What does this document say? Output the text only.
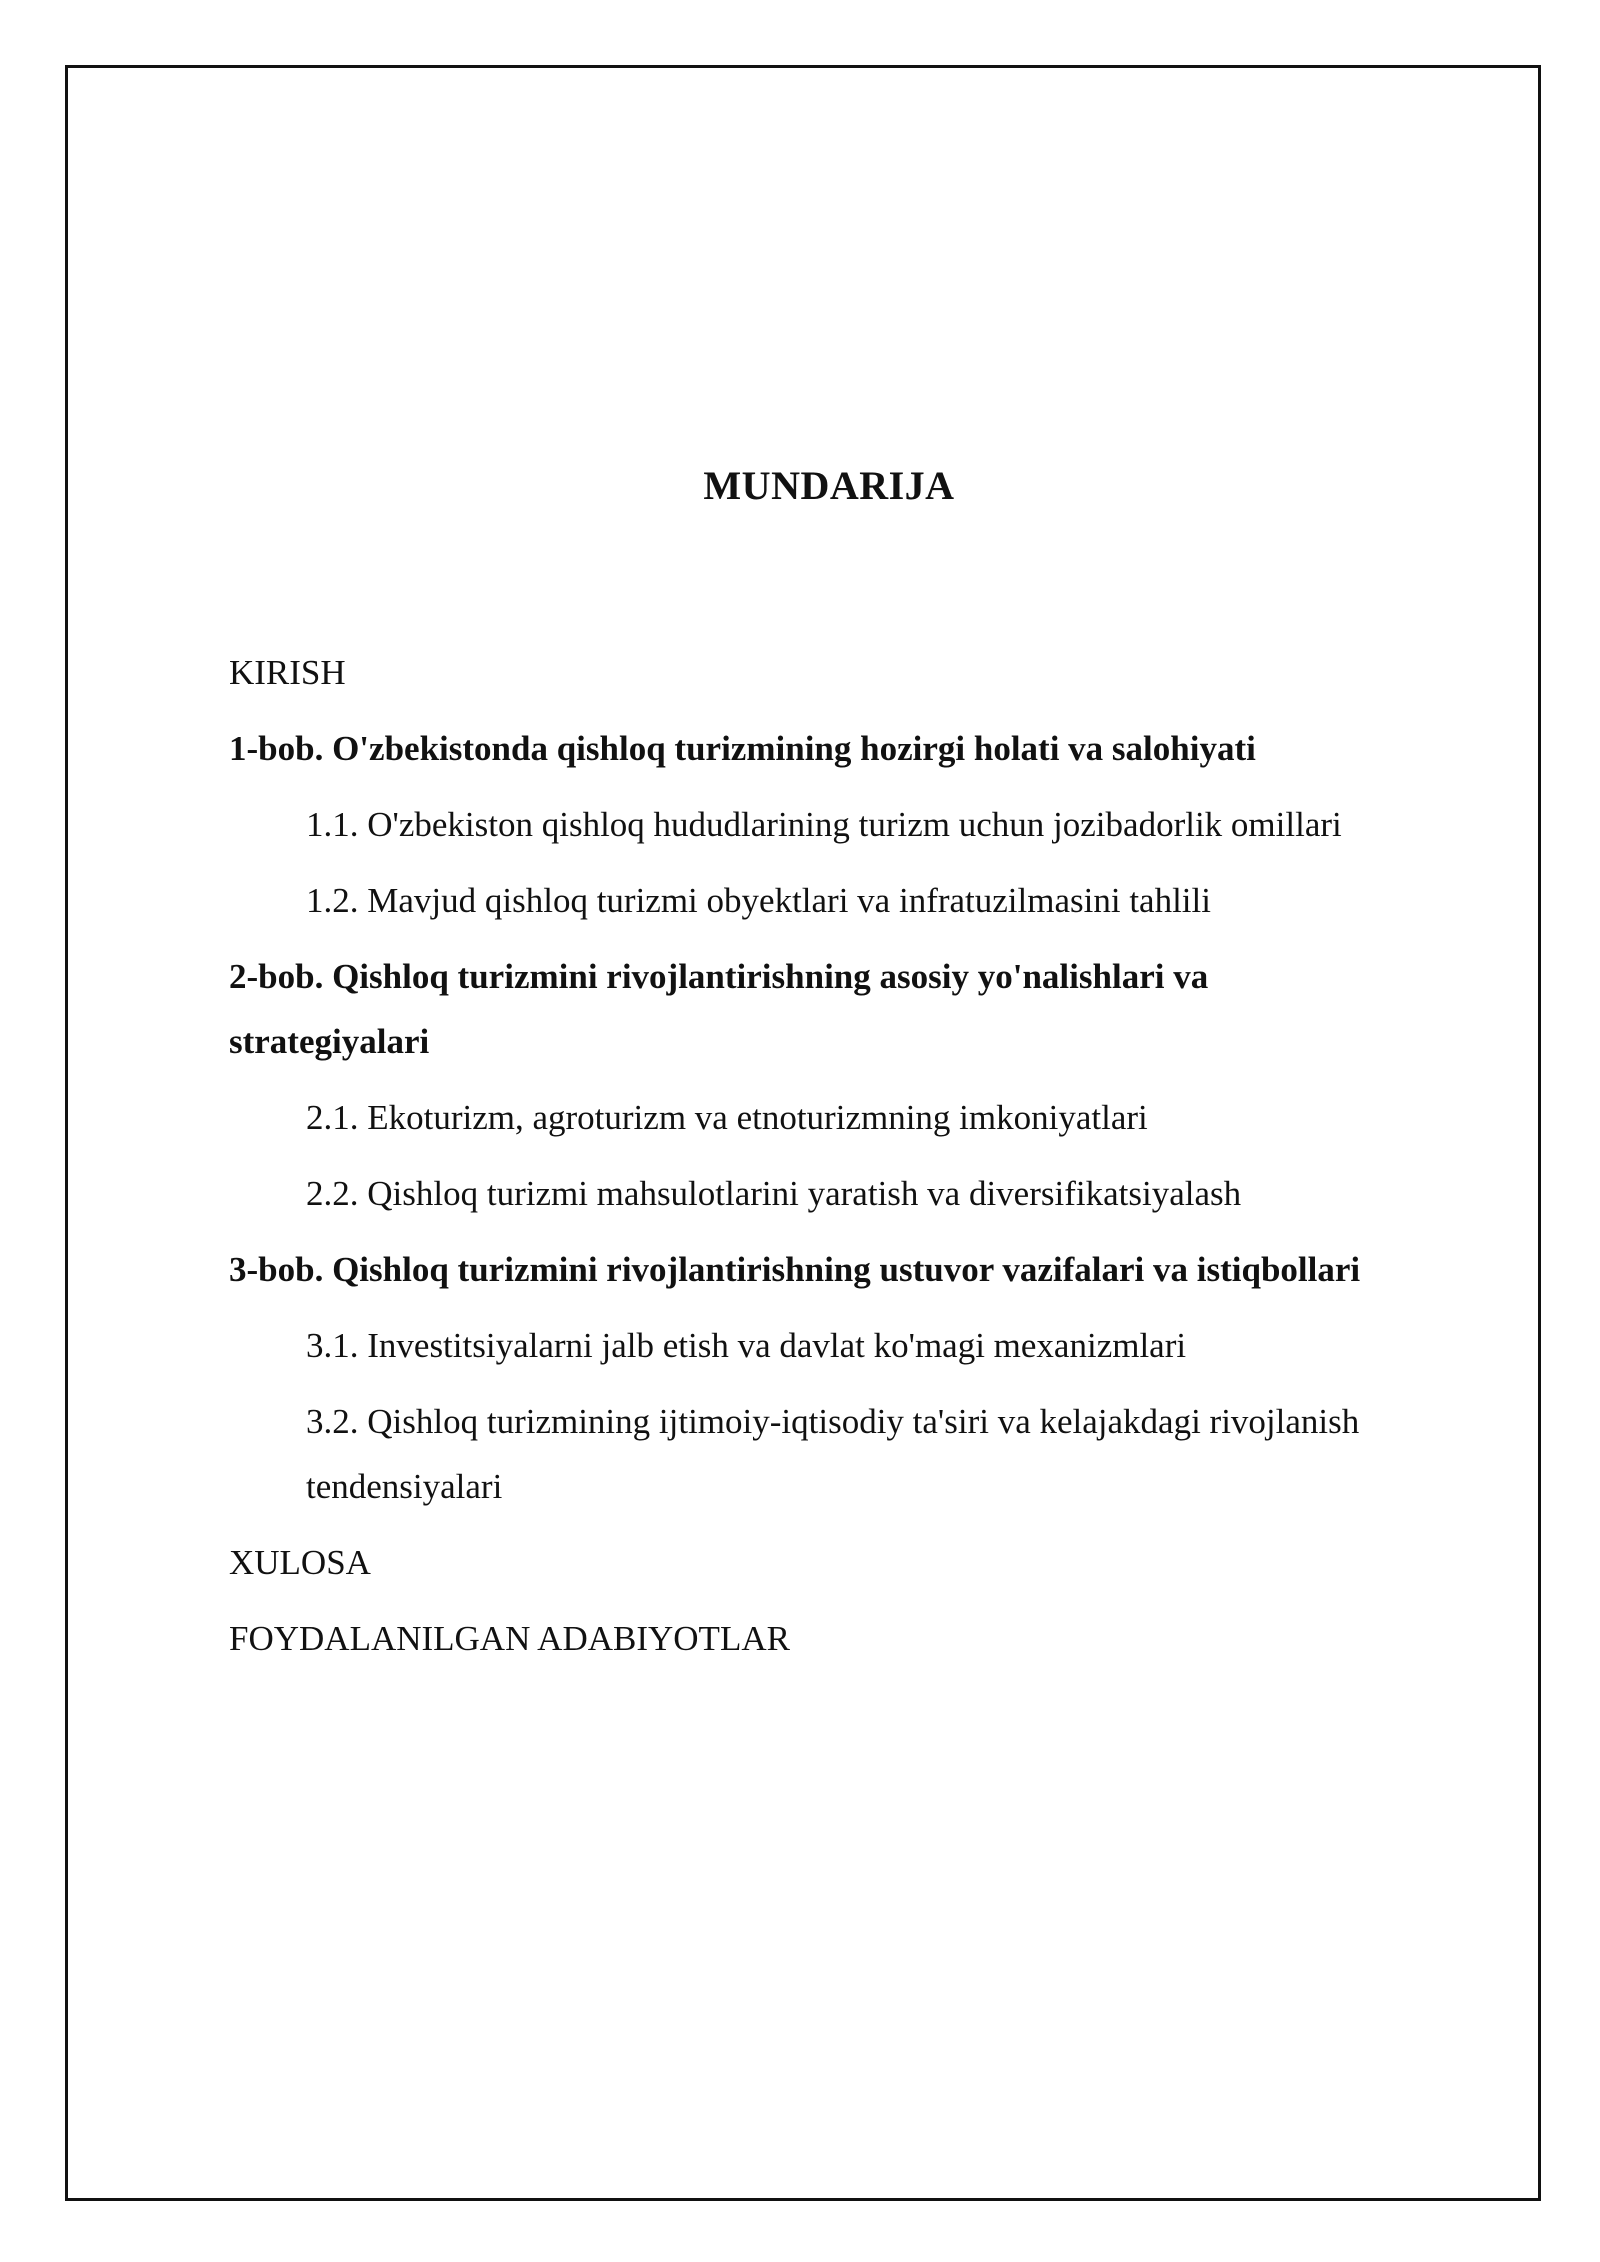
MUNDARIJA
KIRISH
1-bob. O'zbekistonda qishloq turizmining hozirgi holati va salohiyati
1.1. O'zbekiston qishloq hududlarining turizm uchun jozibadorlik omillari
1.2. Mavjud qishloq turizmi obyektlari va infratuzilmasini tahlili
2-bob. Qishloq turizmini rivojlantirishning asosiy yo'nalishlari va strategiyalari
2.1. Ekoturizm, agroturizm va etnoturizmning imkoniyatlari
2.2. Qishloq turizmi mahsulotlarini yaratish va diversifikatsiyalash
3-bob. Qishloq turizmini rivojlantirishning ustuvor vazifalari va istiqbollari
3.1. Investitsiyalarni jalb etish va davlat ko'magi mexanizmlari
3.2. Qishloq turizmining ijtimoiy-iqtisodiy ta'siri va kelajakdagi rivojlanish tendensiyalari
XULOSA
FOYDALANILGAN ADABIYOTLAR
